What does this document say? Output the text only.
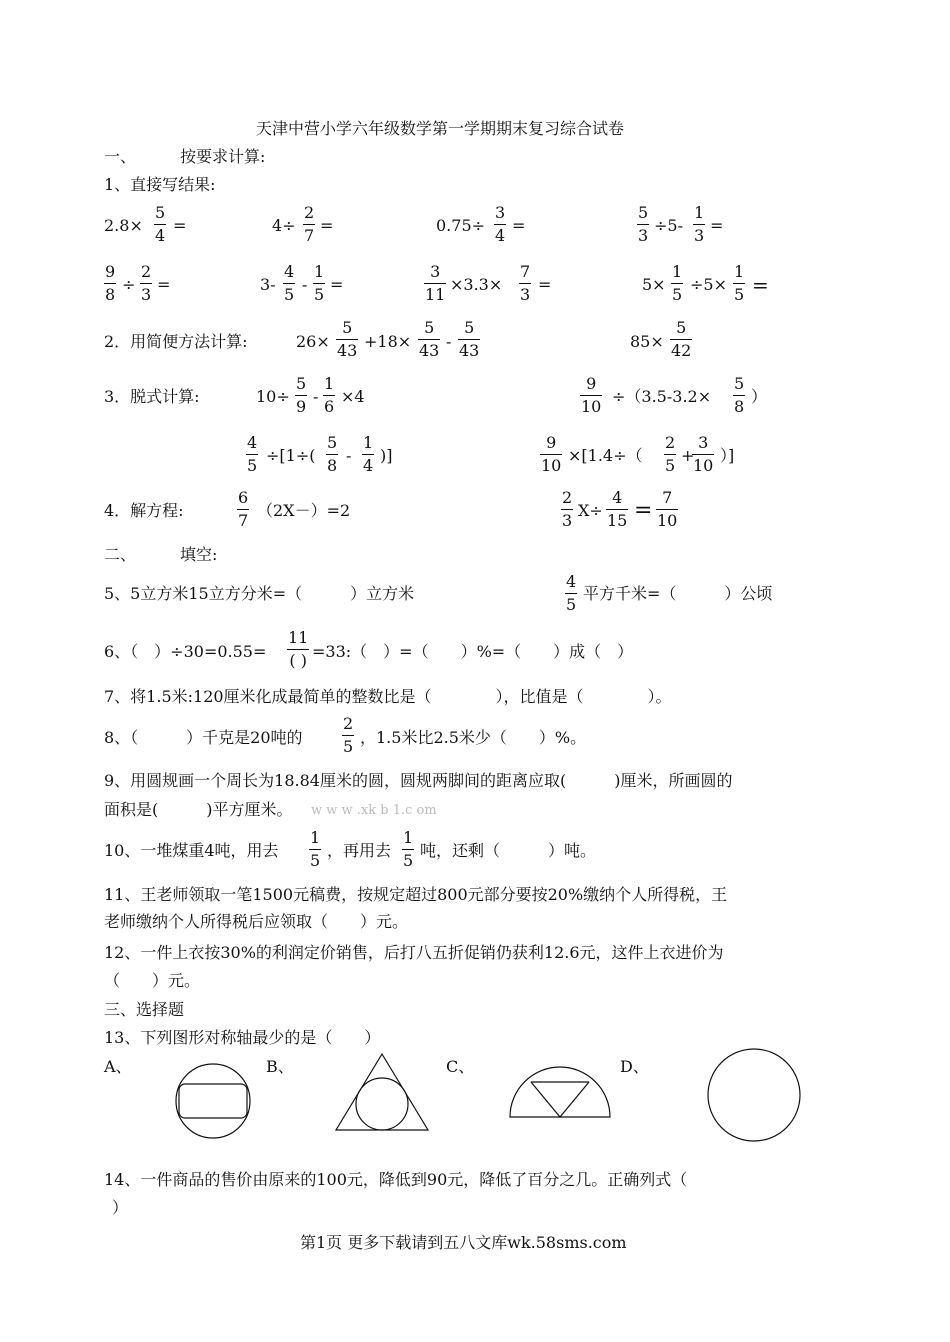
天津中营小学六年级数学第一学期期末复习综合试卷
一、	按要求计算:
1、直接写结果:
2.8×
5
4
=	4÷
2
7
=	0.75÷
3
4
=
5
3
÷5-
1
3
=
9
8
÷
2
3
=	3-
4
5
-
1
5
=
3
11
×3.3×
7
3
=	5×
1
5
÷5×
1
5 =
2．用简便方法计算:	26×
5
43 +18×
5
43 -
5
43	85×
5
42
3．脱式计算:	10÷
5
9
-
1
6
×4
9
10
÷（3.5-3.2×
5
8
）
4
5
÷[1÷(
5
8
-
1
4
)]
9
10
×[1.4÷（
2
5
+
3
10
）]
4．解方程:
6
7
（2X－）=2
2
3
X÷
4
15 =
7
10
二、	填空:
5、5立方米15立方分米=（　　　）立方米
4
5
平方千米=（　　　）公顷
6、（　）÷30=0.55=
11
( ) =33:（　）=（　　）%=（　　）成（　）
7、将1.5米:120厘米化成最简单的整数比是（　　　　），比值是（　　　　）。
8、（　　　）千克是20吨的
2
5 ，1.5米比2.5米少（　　）%。
9、用圆规画一个周长为18.84厘米的圆，圆规两脚间的距离应取(　　　)厘米，所画圆的
面积是(　　　)平方厘米。 w w w .xk b 1.c om
10、一堆煤重4吨，用去
1
5
，再用去
1
5
吨，还剩（　　　）吨。
11、王老师领取一笔1500元稿费，按规定超过800元部分要按20%缴纳个人所得税，王
老师缴纳个人所得税后应领取（　　）元。
12、一件上衣按30%的利润定价销售，后打八五折促销仍获利12.6元，这件上衣进价为
（　　）元。
三、选择题
13、下列图形对称轴最少的是（　　）
A、	B、	C、	D、
14、一件商品的售价由原来的100元，降低到90元，降低了百分之几。正确列式（
）
第1页 更多下载请到五八文库wk.58sms.com
